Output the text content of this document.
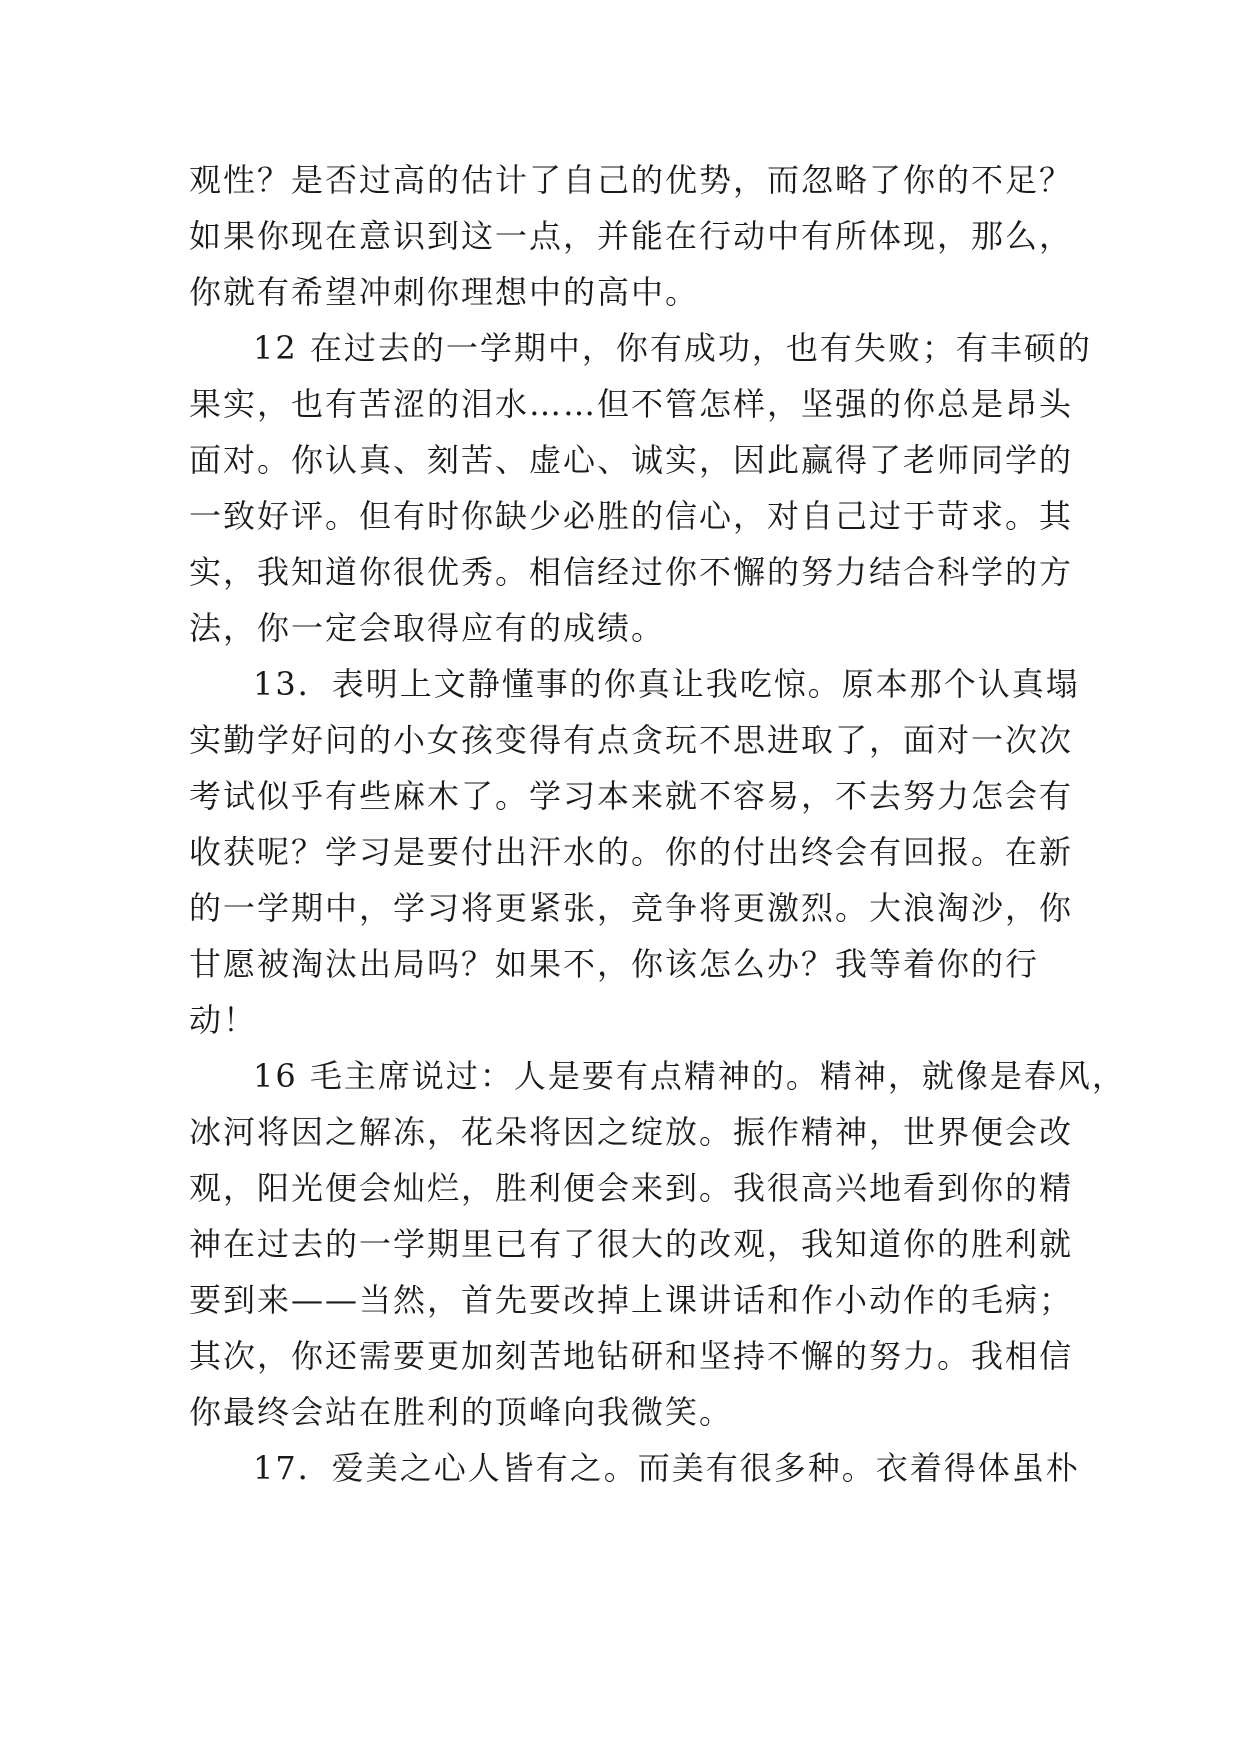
观性？是否过高的估计了自己的优势，而忽略了你的不足？
如果你现在意识到这一点，并能在行动中有所体现，那么，
你就有希望冲刺你理想中的高中。
12 在过去的一学期中，你有成功，也有失败；有丰硕的
果实，也有苦涩的泪水……但不管怎样，坚强的你总是昂头
面对。你认真、刻苦、虚心、诚实，因此赢得了老师同学的
一致好评。但有时你缺少必胜的信心，对自己过于苛求。其
实，我知道你很优秀。相信经过你不懈的努力结合科学的方
法，你一定会取得应有的成绩。
13．表明上文静懂事的你真让我吃惊。原本那个认真塌
实勤学好问的小女孩变得有点贪玩不思进取了，面对一次次
考试似乎有些麻木了。学习本来就不容易，不去努力怎会有
收获呢？学习是要付出汗水的。你的付出终会有回报。在新
的一学期中，学习将更紧张，竞争将更激烈。大浪淘沙，你
甘愿被淘汰出局吗？如果不，你该怎么办？我等着你的行
动！
16 毛主席说过：人是要有点精神的。精神，就像是春风，
冰河将因之解冻，花朵将因之绽放。振作精神，世界便会改
观，阳光便会灿烂，胜利便会来到。我很高兴地看到你的精
神在过去的一学期里已有了很大的改观，我知道你的胜利就
要到来——当然，首先要改掉上课讲话和作小动作的毛病；
其次，你还需要更加刻苦地钻研和坚持不懈的努力。我相信
你最终会站在胜利的顶峰向我微笑。
17．爱美之心人皆有之。而美有很多种。衣着得体虽朴
